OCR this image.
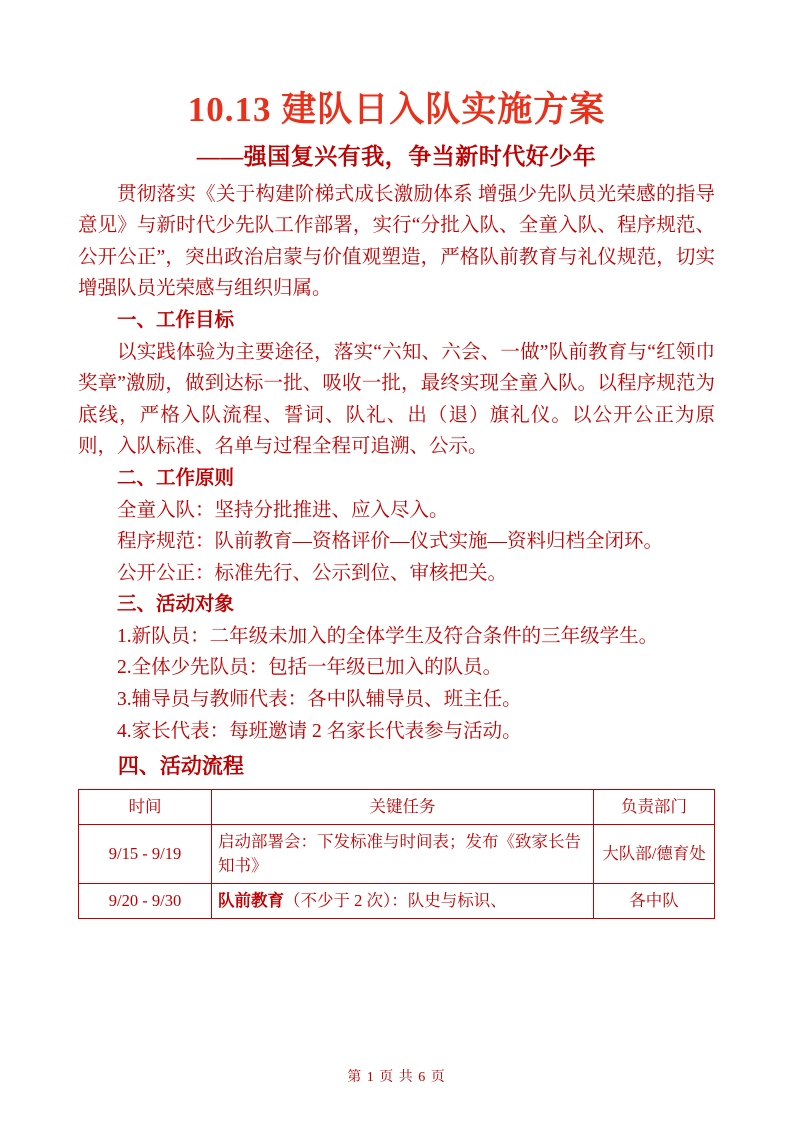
10.13 建队日入队实施方案
——强国复兴有我，争当新时代好少年

贯彻落实《关于构建阶梯式成长激励体系 增强少先队员光荣感的指导意见》与新时代少先队工作部署，实行“分批入队、全童入队、程序规范、公开公正”，突出政治启蒙与价值观塑造，严格队前教育与礼仪规范，切实增强队员光荣感与组织归属。

一、工作目标

以实践体验为主要途径，落实“六知、六会、一做”队前教育与“红领巾奖章”激励，做到达标一批、吸收一批，最终实现全童入队。以程序规范为底线，严格入队流程、誓词、队礼、出（退）旗礼仪。以公开公正为原则，入队标准、名单与过程全程可追溯、公示。

二、工作原则

全童入队：坚持分批推进、应入尽入。

程序规范：队前教育—资格评价—仪式实施—资料归档全闭环。

公开公正：标准先行、公示到位、审核把关。

三、活动对象

1.新队员：二年级未加入的全体学生及符合条件的三年级学生。

2.全体少先队员：包括一年级已加入的队员。

3.辅导员与教师代表：各中队辅导员、班主任。

4.家长代表：每班邀请 2 名家长代表参与活动。

四、活动流程
时间	关键任务	负责部门
9/15 - 9/19	启动部署会：下发标准与时间表；发布《致家长告知书》	大队部/德育处
9/20 - 9/30	队前教育（不少于 2 次）：队史与标识、	各中队
第 1 页 共 6 页
